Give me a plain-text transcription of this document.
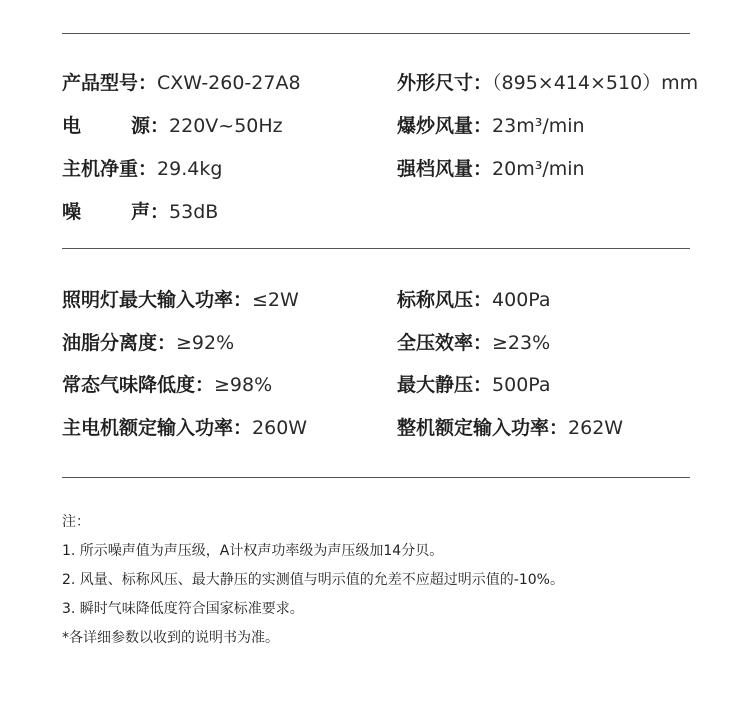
产品型号：CXW-260-27A8
电 源：220V~50Hz
主机净重：29.4kg
噪 声：53dB
外形尺寸：（895×414×510）mm
爆炒风量：23m³/min
强档风量：20m³/min
照明灯最大输入功率：≤2W
油脂分离度：≥92%
常态气味降低度：≥98%
主电机额定输入功率：260W
标称风压：400Pa
全压效率：≥23%
最大静压：500Pa
整机额定输入功率：262W
注：
1. 所示噪声值为声压级，A计权声功率级为声压级加14分贝。
2. 风量、标称风压、最大静压的实测值与明示值的允差不应超过明示值的-10%。
3. 瞬时气味降低度符合国家标准要求。
*各详细参数以收到的说明书为准。
